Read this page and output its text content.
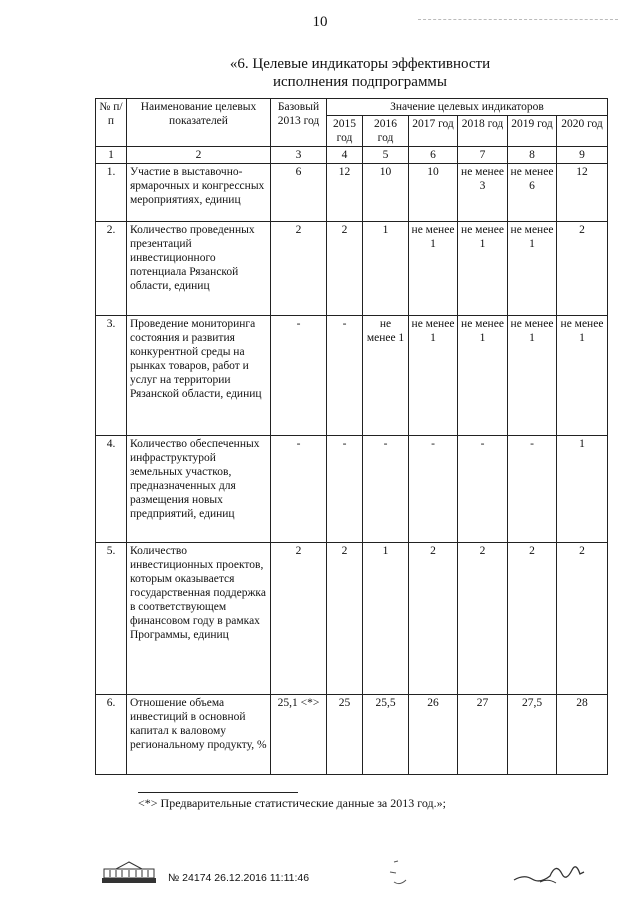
10
«6. Целевые индикаторы эффективности
исполнения подпрограммы
№ п/п	Наименование целевых показателей	Базовый 2013 год	Значение целевых индикаторов					
			2015 год	2016 год	2017 год	2018 год	2019 год	2020 год
1	2	3	4	5	6	7	8	9
1.	Участие в выставочно-ярмарочных и конгрессных мероприятиях, единиц	6	12	10	10	не менее 3	не менее 6	12
2.	Количество проведенных презентаций инвестиционного потенциала Рязанской области, единиц	2	2	1	не менее 1	не менее 1	не менее 1	2
3.	Проведение мониторинга состояния и развития конкурентной среды на рынках товаров, работ и услуг на территории Рязанской области, единиц	-	-	не менее 1	не менее 1	не менее 1	не менее 1	не менее 1
4.	Количество обеспеченных инфраструктурой земельных участков, предназначенных для размещения новых предприятий, единиц	-	-	-	-	-	-	1
5.	Количество инвестиционных проектов, которым оказывается государственная поддержка в соответствующем финансовом году в рамках Программы, единиц	2	2	1	2	2	2	2
6.	Отношение объема инвестиций в основной капитал к валовому региональному продукту, %	25,1 <*>	25	25,5	26	27	27,5	28
<*> Предварительные статистические данные за 2013 год.»;
№ 24174 26.12.2016 11:11:46
